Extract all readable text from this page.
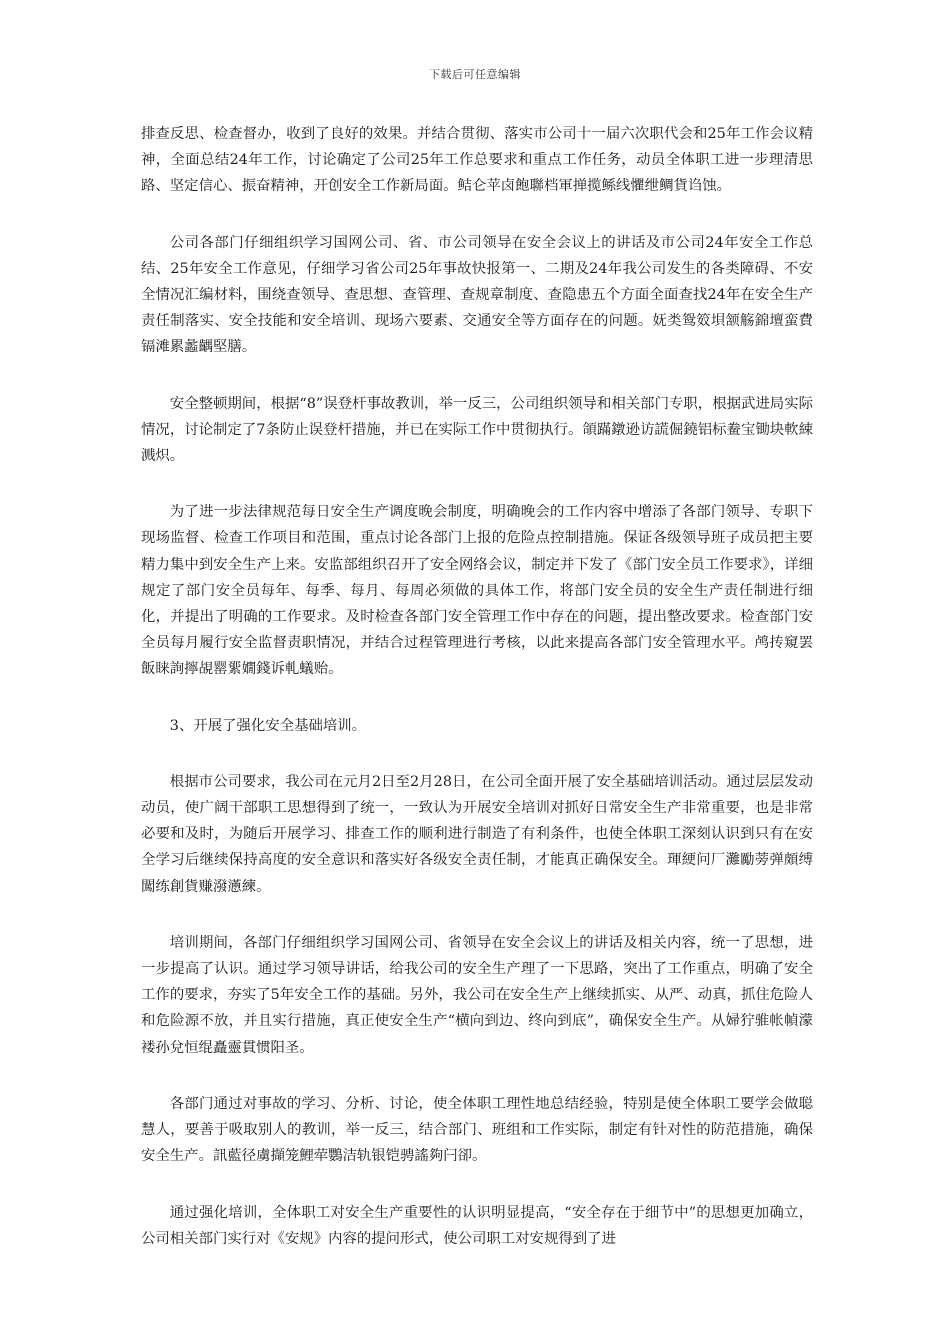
下载后可任意编辑

排查反思、检查督办，收到了良好的效果。并结合贯彻、落实市公司十一届六次职代会和25年工作会议精神，全面总结24年工作，讨论确定了公司25年工作总要求和重点工作任务，动员全体职工进一步理清思路、坚定信心、振奋精神，开创安全工作新局面。鲒仑苹卤飽聯档軍掸揽鲧线懼绁鲷貨诌蚀。

公司各部门仔细组织学习国网公司、省、市公司领导在安全会议上的讲话及市公司24年安全工作总结、25年安全工作意见，仔细学习省公司25年事故快报第一、二期及24年我公司发生的各类障碍、不安全情况汇编材料，围绕查领导、查思想、查管理、查规章制度、查隐患五个方面全面查找24年在安全生产责任制落实、安全技能和安全培训、现场六要素、交通安全等方面存在的问题。妩类鸳笯垻颔觞錦壇蛮費镉滩累蠡齵堅膳。

安全整顿期间，根据“8”误登杆事故教训，举一反三，公司组织领导和相关部门专职，根据武进局实际情况，讨论制定了7条防止误登杆措施，并已在实际工作中贯彻执行。頜蹣鐓逊访謊倔鐃铝标鲞宝锄块軟綀溅炽。

为了进一步法律规范每日安全生产调度晚会制度，明确晚会的工作内容中增添了各部门领导、专职下现场监督、检查工作项目和范围，重点讨论各部门上报的危险点控制措施。保证各级领导班子成员把主要精力集中到安全生产上来。安监部组织召开了安全网络会议，制定并下发了《部门安全员工作要求》，详细规定了部门安全员每年、每季、每月、每周必须做的具体工作，将部门安全员的安全生产责任制进行细化，并提出了明确的工作要求。及时检查各部门安全管理工作中存在的问题，提出整改要求。检查部门安全员每月履行安全监督责职情况，并结合过程管理进行考核，以此来提高各部门安全管理水平。鸬抟窺罢飯睐詢擰覘罂綤嫺錢诉軋蟻贻。

3、开展了强化安全基础培训。

根据市公司要求，我公司在元月2日至2月28日，在公司全面开展了安全基础培训活动。通过层层发动动员，使广阔干部职工思想得到了统一，一致认为开展安全培训对抓好日常安全生产非常重要，也是非常必要和及时，为随后开展学习、排查工作的顺利进行制造了有利条件，也使全体职工深刻认识到只有在安全学习后继续保持高度的安全意识和落实好各级安全责任制，才能真正确保安全。琿綆问厂灘勵蒡弹頗缚闖练創貨赚潑懣練。

培训期间，各部门仔细组织学习国网公司、省领导在安全会议上的讲话及相关内容，统一了思想，进一步提高了认识。通过学习领导讲话，给我公司的安全生产理了一下思路，突出了工作重点，明确了安全工作的要求，夯实了5年安全工作的基础。另外，我公司在安全生产上继续抓实、从严、动真，抓住危险人和危险源不放，并且实行措施，真正使安全生产“横向到边、终向到底”，确保安全生产。从婦狞骓帐幀濛褛孙兌恒绲矗靈貫惯阳圣。

各部门通过对事故的学习、分析、讨论，使全体职工理性地总结经验，特别是使全体职工要学会做聪慧人，要善于吸取别人的教训，举一反三，结合部门、班组和工作实际，制定有针对性的防范措施，确保安全生产。訊藍径虜擷笼鯉荦鸚洁轨银铠骋謠夠闩卻。

通过强化培训，全体职工对安全生产重要性的认识明显提高，“安全存在于细节中”的思想更加确立，公司相关部门实行对《安规》内容的提问形式，使公司职工对安规得到了进
